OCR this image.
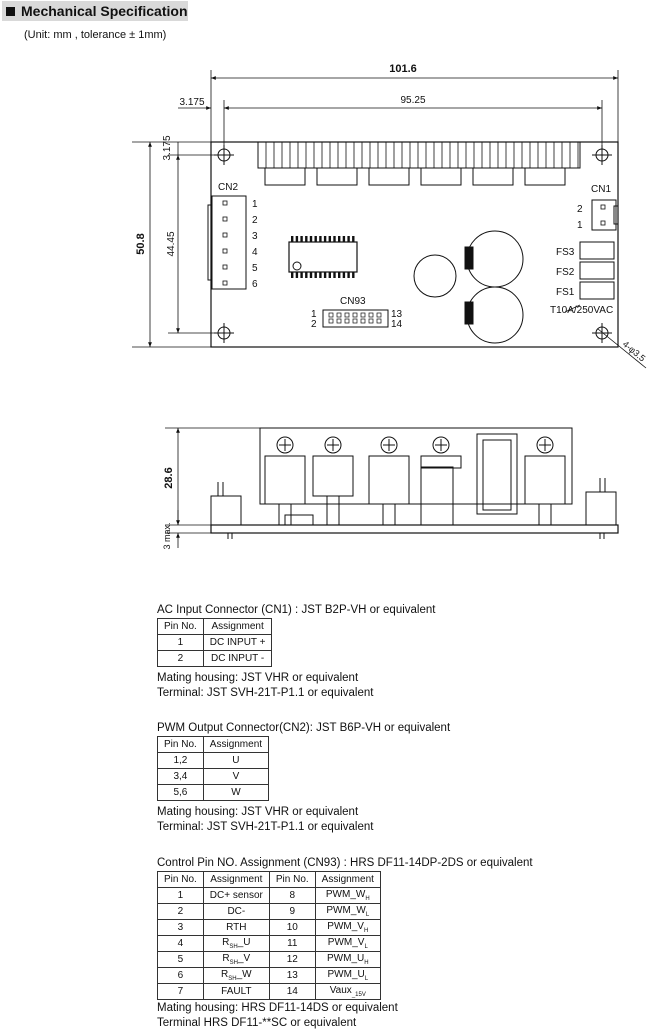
Mechanical Specification
(Unit: mm , tolerance ± 1mm)
101.6
95.25
3.175
3.175
50.8 44.45
CN2
1
2
3
4
5
6
CN1
2
1
CN93
1
2
13
14
FS3
FS2
FS1
T10A/250VAC
4-φ3.5
28.6
3 max.
AC Input Connector (CN1) : JST B2P-VH or equivalent
Pin No.	Assignment
1	DC INPUT +
2	DC INPUT -
Mating housing: JST VHR or equivalent
Terminal: JST SVH-21T-P1.1 or equivalent
PWM Output Connector(CN2): JST B6P-VH or equivalent
Pin No.	Assignment
1,2	U
3,4	V
5,6	W
Mating housing: JST VHR or equivalent
Terminal: JST SVH-21T-P1.1 or equivalent
Control Pin NO. Assignment (CN93) : HRS DF11-14DP-2DS or equivalent
Pin No.	Assignment	Pin No.	Assignment
1	DC+ sensor	8	$PWM\_W_H$
2	DC-	9	$PWM\_W_L$
3	RTH	10	$PWM\_V_H$
4	$R_{SH}\_U$	11	$PWM\_V_L$
5	$R_{SH}\_V$	12	$PWM\_U_H$
6	$R_{SH}\_W$	13	$PWM\_U_L$
7	FAULT	14	Vaux$_{\_15V}$
Mating housing: HRS DF11-14DS or equivalent
Terminal HRS DF11-**SC or equivalent
